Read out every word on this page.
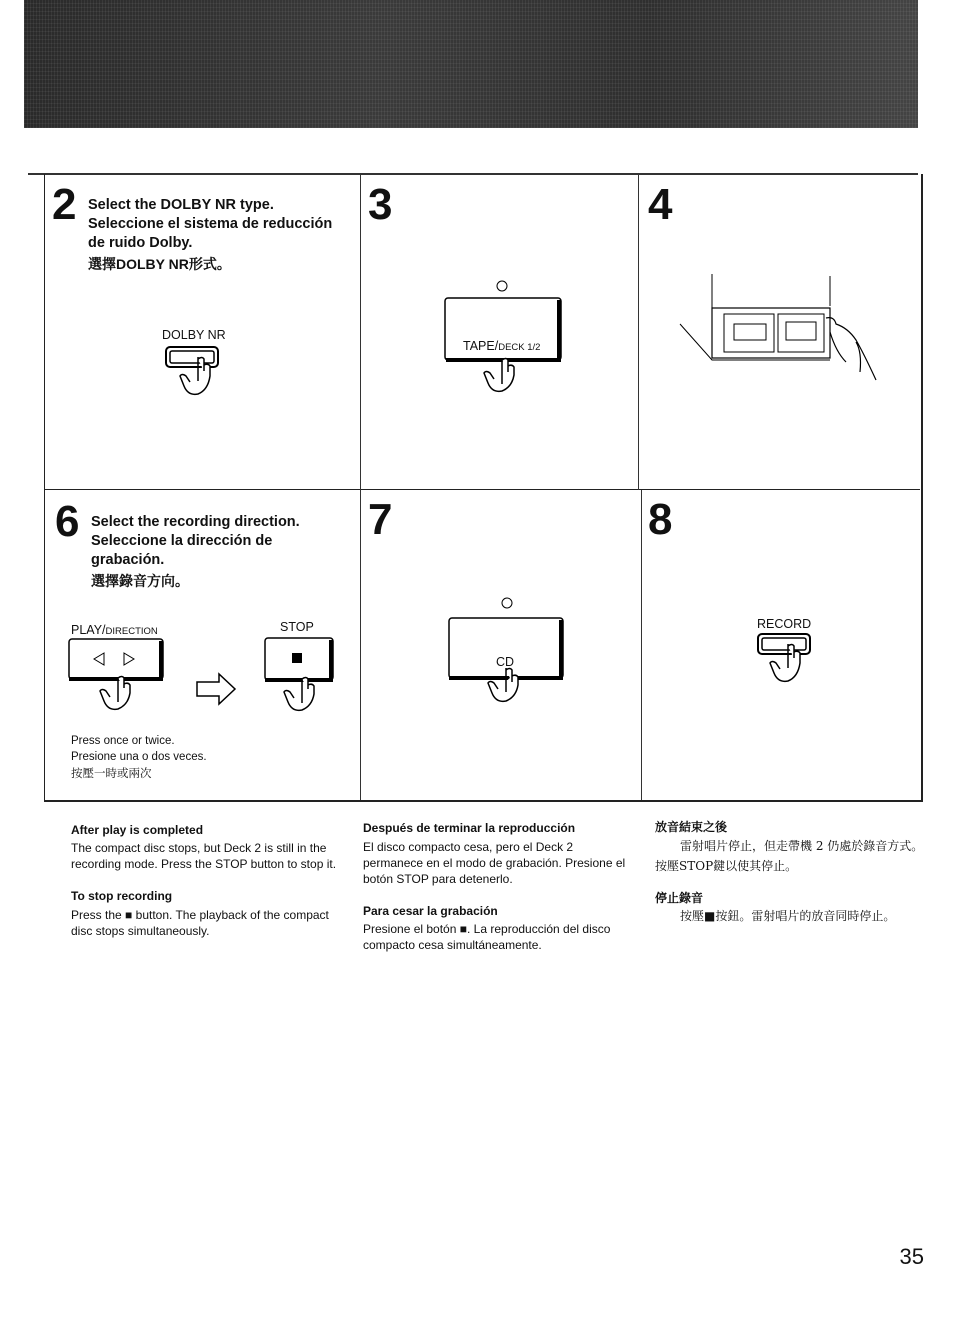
2 Select the DOLBY NR type.
Seleccione el sistema de reducción de ruido Dolby.
選擇DOLBY NR形式。
DOLBY NR
3
TAPE/DECK 1/2
4
6 Select the recording direction.
Seleccione la dirección de grabación.
選擇錄音方向。
PLAY/DIRECTION	STOP
Press once or twice.
Presione una o dos veces.
按壓一時或兩次
7
CD
8
RECORD
After play is completed
The compact disc stops, but Deck 2 is still in the recording mode. Press the STOP button to stop it.
To stop recording
Press the ■ button. The playback of the compact disc stops simultaneously.
Después de terminar la reproducción
El disco compacto cesa, pero el Deck 2 permanece en el modo de grabación. Presione el botón STOP para detenerlo.
Para cesar la grabación
Presione el botón ■. La reproducción del disco compacto cesa simultáneamente.
放音結束之後
雷射唱片停止，但走帶機 2 仍處於錄音方式。
按壓STOP鍵以使其停止。
停止錄音
按壓■按鈕。雷射唱片的放音同時停止。
35
